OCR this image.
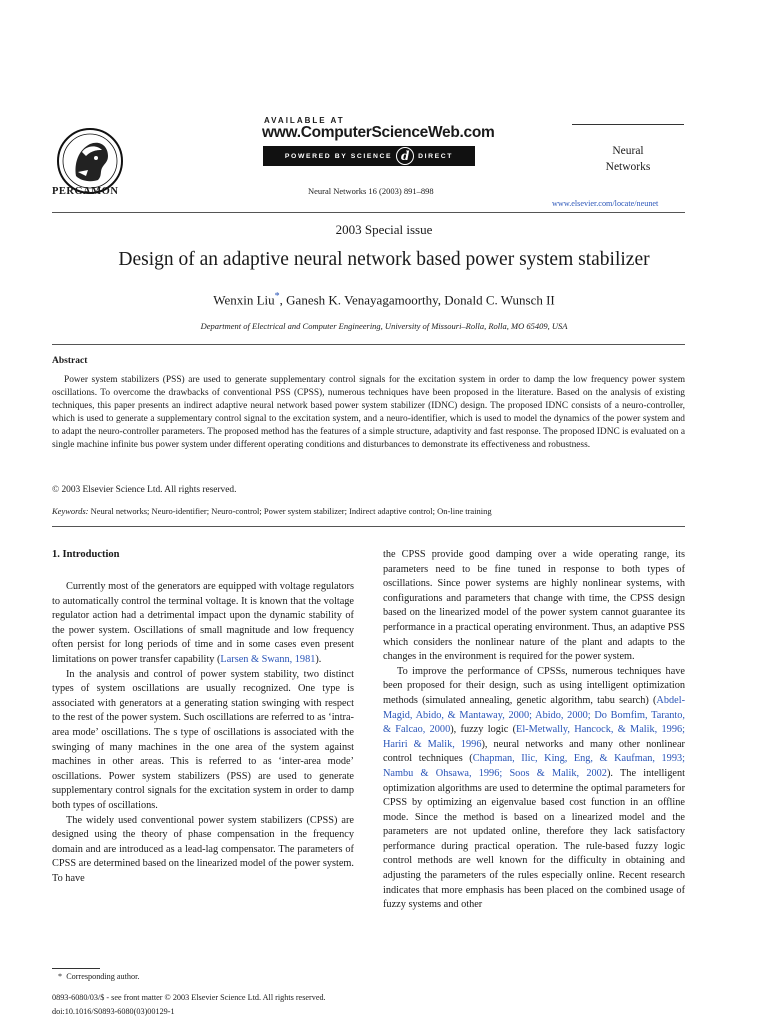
PERGAMON
AVAILABLE AT
www.ComputerScienceWeb.com
POWERED BY SCIENCE d	DIRECT
Neural Networks 16 (2003) 891–898
Neural
Networks
www.elsevier.com/locate/neunet
2003 Special issue
Design of an adaptive neural network based power system stabilizer
Wenxin Liu*, Ganesh K. Venayagamoorthy, Donald C. Wunsch II
Department of Electrical and Computer Engineering, University of Missouri–Rolla, Rolla, MO 65409, USA
Abstract

Power system stabilizers (PSS) are used to generate supplementary control signals for the excitation system in order to damp the low frequency power system oscillations. To overcome the drawbacks of conventional PSS (CPSS), numerous techniques have been proposed in the literature. Based on the analysis of existing techniques, this paper presents an indirect adaptive neural network based power system stabilizer (IDNC) design. The proposed IDNC consists of a neuro-controller, which is used to generate a supplementary control signal to the excitation system, and a neuro-identifier, which is used to model the dynamics of the power system and to adapt the neuro-controller parameters. The proposed method has the features of a simple structure, adaptivity and fast response. The proposed IDNC is evaluated on a single machine infinite bus power system under different operating conditions and disturbances to demonstrate its effectiveness and robustness.

© 2003 Elsevier Science Ltd. All rights reserved.
Keywords: Neural networks; Neuro-identifier; Neuro-control; Power system stabilizer; Indirect adaptive control; On-line training
1. Introduction

Currently most of the generators are equipped with voltage regulators to automatically control the terminal voltage. It is known that the voltage regulator action had a detrimental impact upon the dynamic stability of the power system. Oscillations of small magnitude and low frequency often persist for long periods of time and in some cases even present limitations on power transfer capability (Larsen & Swann, 1981).

In the analysis and control of power system stability, two distinct types of system oscillations are usually recognized. One type is associated with generators at a generating station swinging with respect to the rest of the power system. Such oscillations are referred to as ‘intra-area mode’ oscillations. The s type of oscillations is associated with the swinging of many machines in the one area of the system against machines in other areas. This is referred to as ‘inter-area mode’ oscillations. Power system stabilizers (PSS) are used to generate supplementary control signals for the excitation system in order to damp both types of oscillations.

The widely used conventional power system stabilizers (CPSS) are designed using the theory of phase compensation in the frequency domain and are introduced as a lead-lag compensator. The parameters of CPSS are determined based on the linearized model of the power system. To have

the CPSS provide good damping over a wide operating range, its parameters need to be fine tuned in response to both types of oscillations. Since power systems are highly nonlinear systems, with configurations and parameters that change with time, the CPSS design based on the linearized model of the power system cannot guarantee its performance in a practical operating environment. Thus, an adaptive PSS which considers the nonlinear nature of the plant and adapts to the changes in the environment is required for the power system.

To improve the performance of CPSSs, numerous techniques have been proposed for their design, such as using intelligent optimization methods (simulated annealing, genetic algorithm, tabu search) (Abdel-Magid, Abido, & Mantaway, 2000; Abido, 2000; Do Bomfim, Taranto, & Falcao, 2000), fuzzy logic (El-Metwally, Hancock, & Malik, 1996; Hariri & Malik, 1996), neural networks and many other nonlinear control techniques (Chapman, Ilic, King, Eng, & Kaufman, 1993; Nambu & Ohsawa, 1996; Soos & Malik, 2002). The intelligent optimization algorithms are used to determine the optimal parameters for CPSS by optimizing an eigenvalue based cost function in an offline mode. Since the method is based on a linearized model and the parameters are not updated online, therefore they lack satisfactory performance during practical operation. The rule-based fuzzy logic control methods are well known for the difficulty in obtaining and adjusting the parameters of the rules especially online. Recent research indicates that more emphasis has been placed on the combined usage of fuzzy systems and other

* Corresponding author.
0893-6080/03/$ - see front matter © 2003 Elsevier Science Ltd. All rights reserved.
doi:10.1016/S0893-6080(03)00129-1
